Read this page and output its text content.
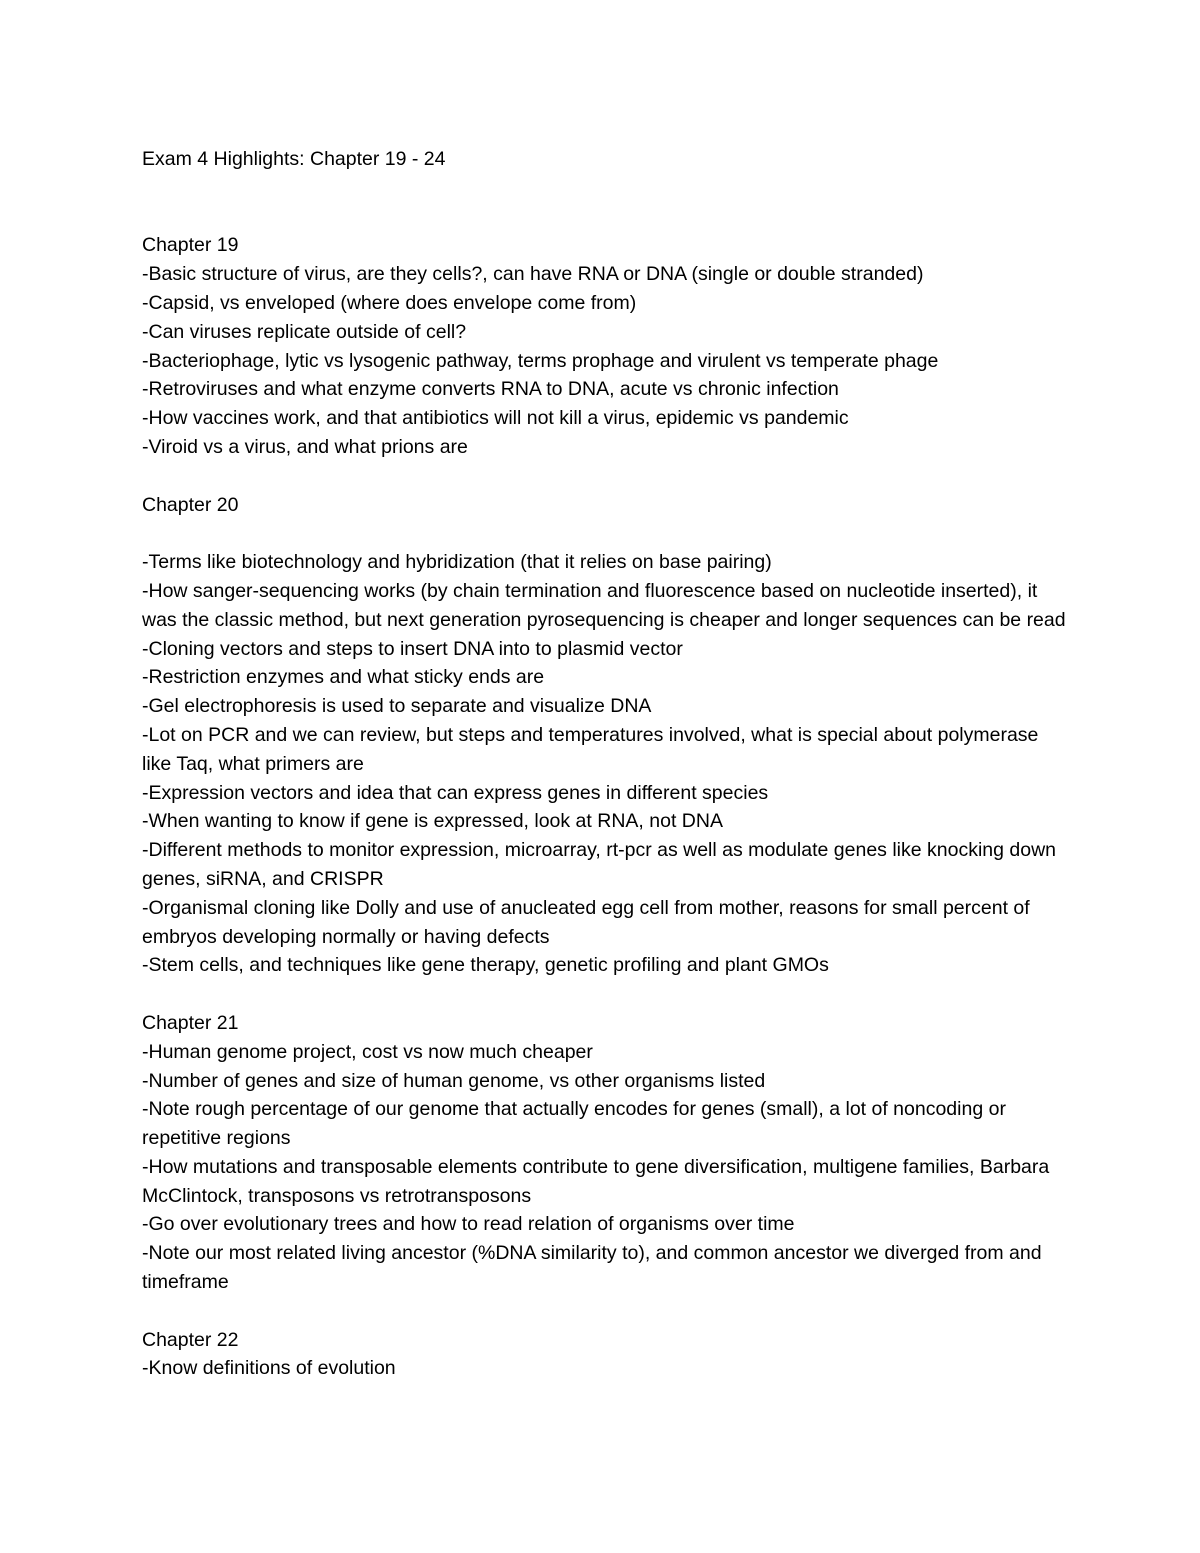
Exam 4 Highlights: Chapter 19 - 24

Chapter 19

-Basic structure of virus, are they cells?, can have RNA or DNA (single or double stranded)

-Capsid, vs enveloped (where does envelope come from)

-Can viruses replicate outside of cell?

-Bacteriophage, lytic vs lysogenic pathway, terms prophage and virulent vs temperate phage

-Retroviruses and what enzyme converts RNA to DNA, acute vs chronic infection

-How vaccines work, and that antibiotics will not kill a virus, epidemic vs pandemic

-Viroid vs a virus, and what prions are

Chapter 20

-Terms like biotechnology and hybridization (that it relies on base pairing)

-How sanger-sequencing works (by chain termination and fluorescence based on nucleotide inserted), it was the classic method, but next generation pyrosequencing is cheaper and longer sequences can be read

-Cloning vectors and steps to insert DNA into to plasmid vector

-Restriction enzymes and what sticky ends are

-Gel electrophoresis is used to separate and visualize DNA

-Lot on PCR and we can review, but steps and temperatures involved, what is special about polymerase like Taq, what primers are

-Expression vectors and idea that can express genes in different species

-When wanting to know if gene is expressed, look at RNA, not DNA

-Different methods to monitor expression, microarray, rt-pcr as well as modulate genes like knocking down genes, siRNA, and CRISPR

-Organismal cloning like Dolly and use of anucleated egg cell from mother, reasons for small percent of embryos developing normally or having defects

-Stem cells, and techniques like gene therapy, genetic profiling and plant GMOs

Chapter 21

-Human genome project, cost vs now much cheaper

-Number of genes and size of human genome, vs other organisms listed

-Note rough percentage of our genome that actually encodes for genes (small), a lot of noncoding or repetitive regions

-How mutations and transposable elements contribute to gene diversification, multigene families, Barbara McClintock, transposons vs retrotransposons

-Go over evolutionary trees and how to read relation of organisms over time

-Note our most related living ancestor (%DNA similarity to), and common ancestor we diverged from and timeframe

Chapter 22

-Know definitions of evolution
